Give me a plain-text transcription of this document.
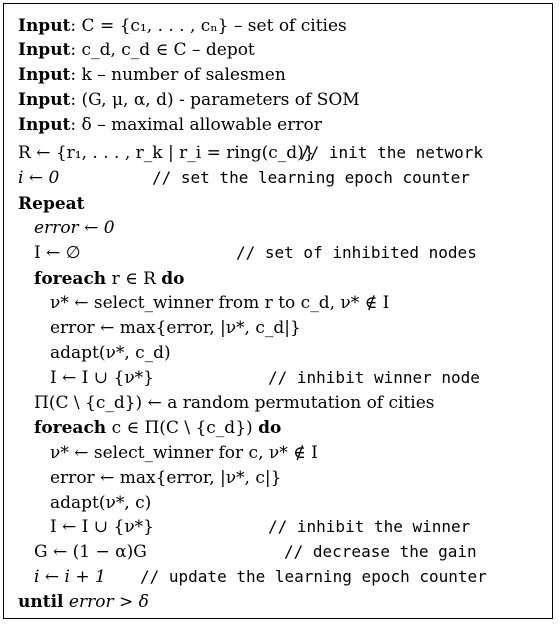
Input: C = {c₁, . . . , cₙ} – set of cities
Input: c_d, c_d ∈ C – depot
Input: k – number of salesmen
Input: (G, μ, α, d) - parameters of SOM
Input: δ – maximal allowable error
R ← {r₁, . . . , r_k | r_i = ring(c_d)}
// init the network
i ← 0	// set the learning epoch counter
Repeat
error ← 0
I ← ∅	// set of inhibited nodes
foreach r ∈ R do
ν* ← select_winner from r to c_d, ν* ∉ I
error ← max{error, |ν*, c_d|}
adapt(ν*, c_d)
I ← I ∪ {ν*}	// inhibit winner node
Π(C \ {c_d}) ← a random permutation of cities
foreach c ∈ Π(C \ {c_d}) do
ν* ← select_winner for c, ν* ∉ I
error ← max{error, |ν*, c|}
adapt(ν*, c)
I ← I ∪ {ν*}	// inhibit the winner
G ← (1 − α)G	// decrease the gain
i ← i + 1 // update the learning epoch counter
until error > δ
